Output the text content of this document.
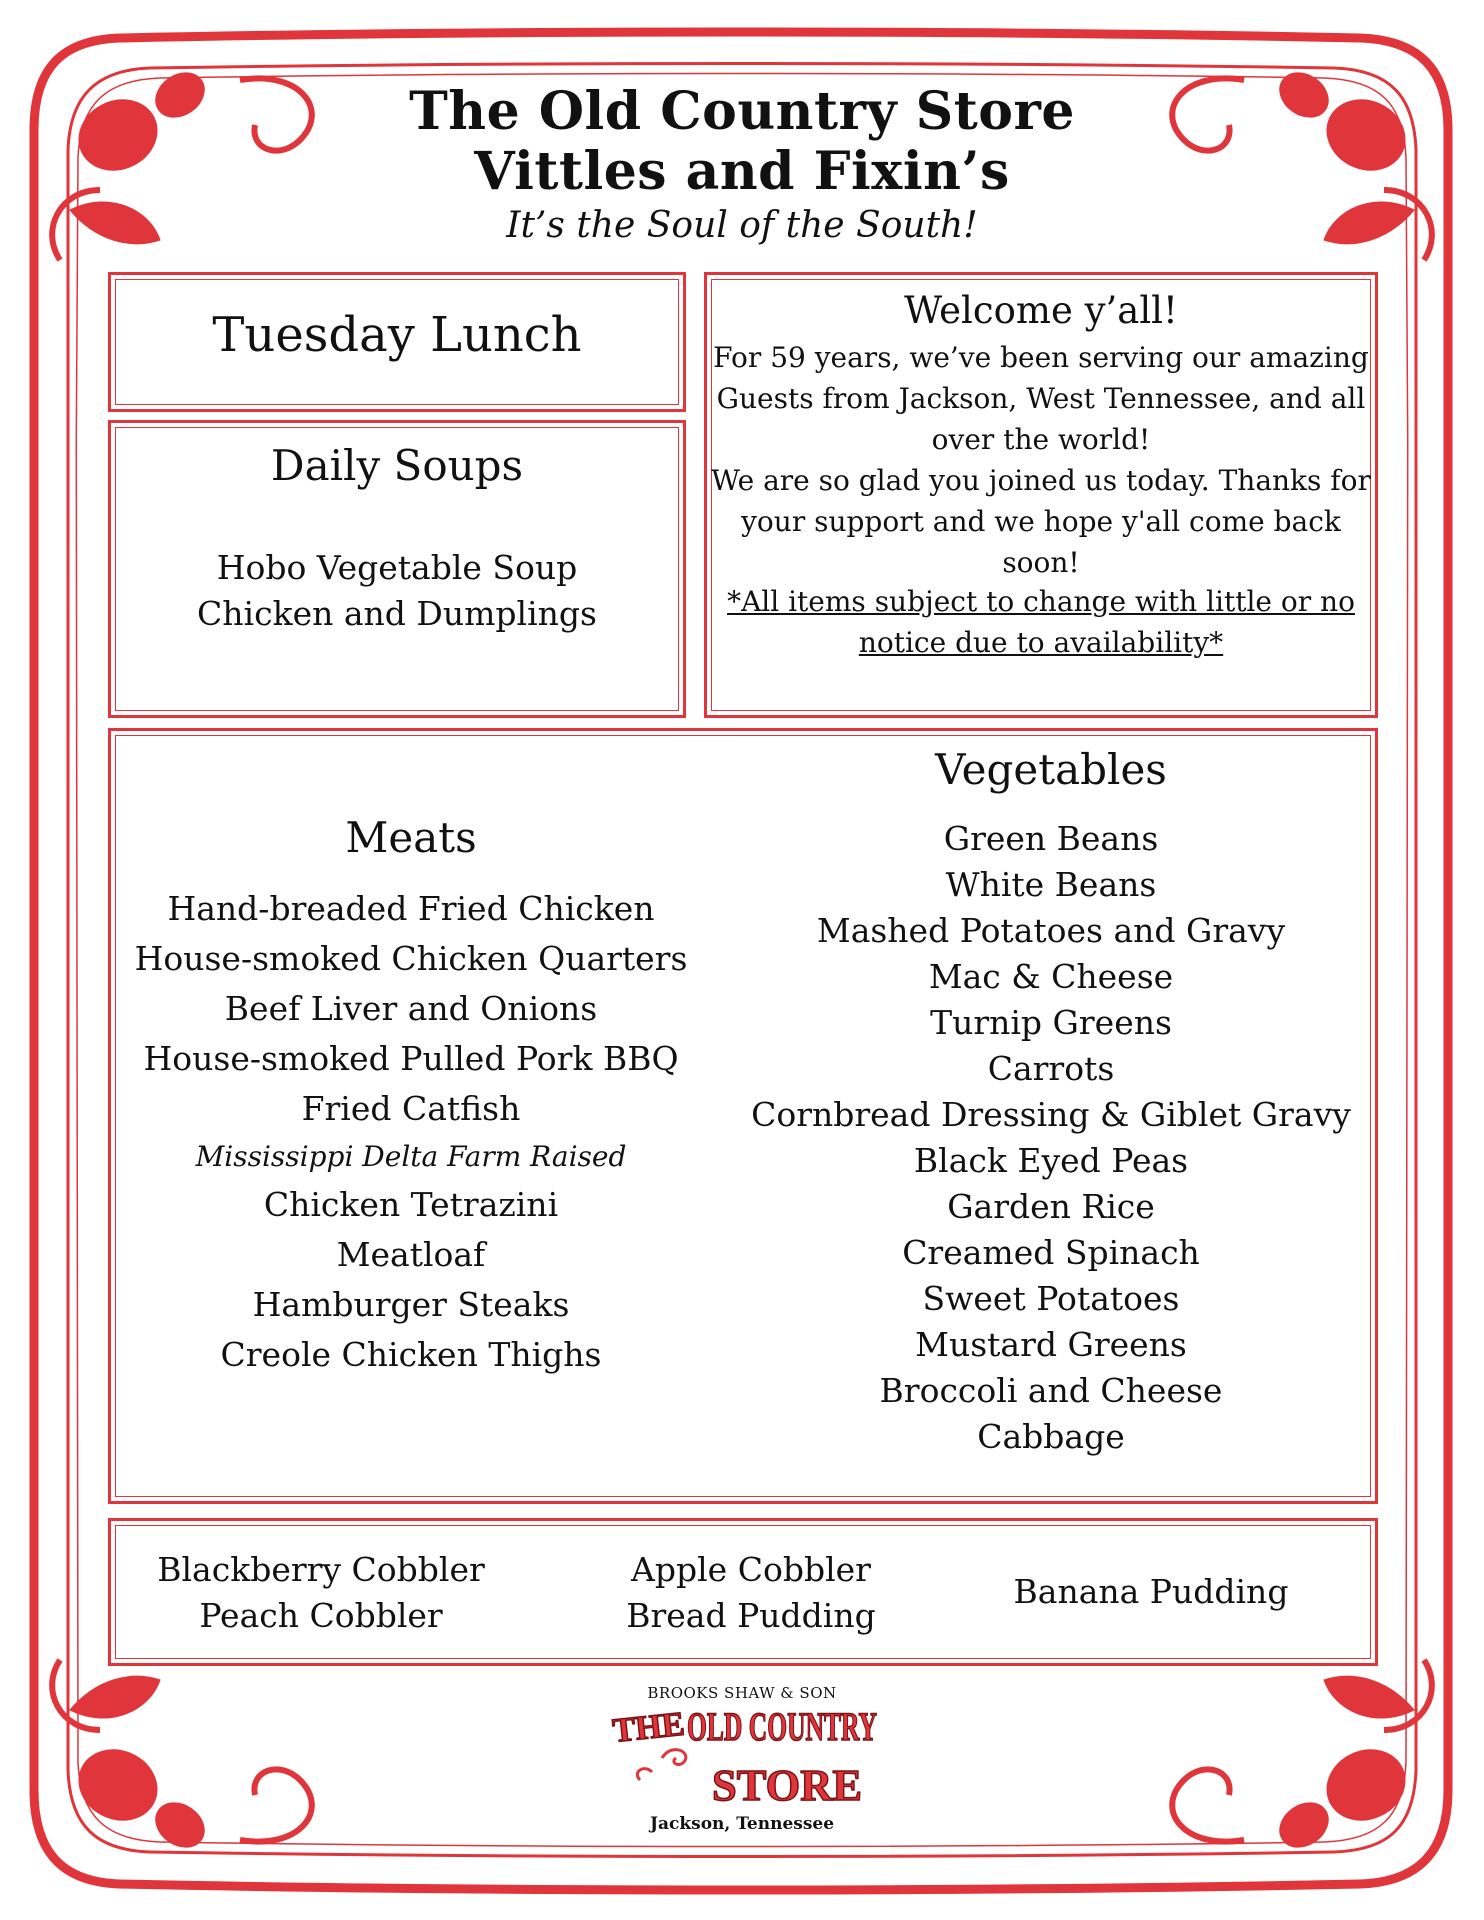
The Old Country Store
Vittles and Fixin’s
It’s the Soul of the South!
Tuesday Lunch
Daily Soups
Hobo Vegetable Soup
Chicken and Dumplings
Welcome y’all!
For 59 years, we’ve been serving our amazing
Guests from Jackson, West Tennessee, and all
over the world!
We are so glad you joined us today. Thanks for
your support and we hope y'all come back soon!
*All items subject to change with little or no
notice due to availability*
Meats
Hand-breaded Fried Chicken
House-smoked Chicken Quarters
Beef Liver and Onions
House-smoked Pulled Pork BBQ
Fried Catfish
Mississippi Delta Farm Raised
Chicken Tetrazini
Meatloaf
Hamburger Steaks
Creole Chicken Thighs
Vegetables
Green Beans
White Beans
Mashed Potatoes and Gravy
Mac & Cheese
Turnip Greens
Carrots
Cornbread Dressing & Giblet Gravy
Black Eyed Peas
Garden Rice
Creamed Spinach
Sweet Potatoes
Mustard Greens
Broccoli and Cheese
Cabbage
Blackberry Cobbler
Peach Cobbler
Apple Cobbler
Bread Pudding
Banana Pudding
BROOKS SHAW & SON
THE OLD COUNTRY
STORE
Jackson, Tennessee
